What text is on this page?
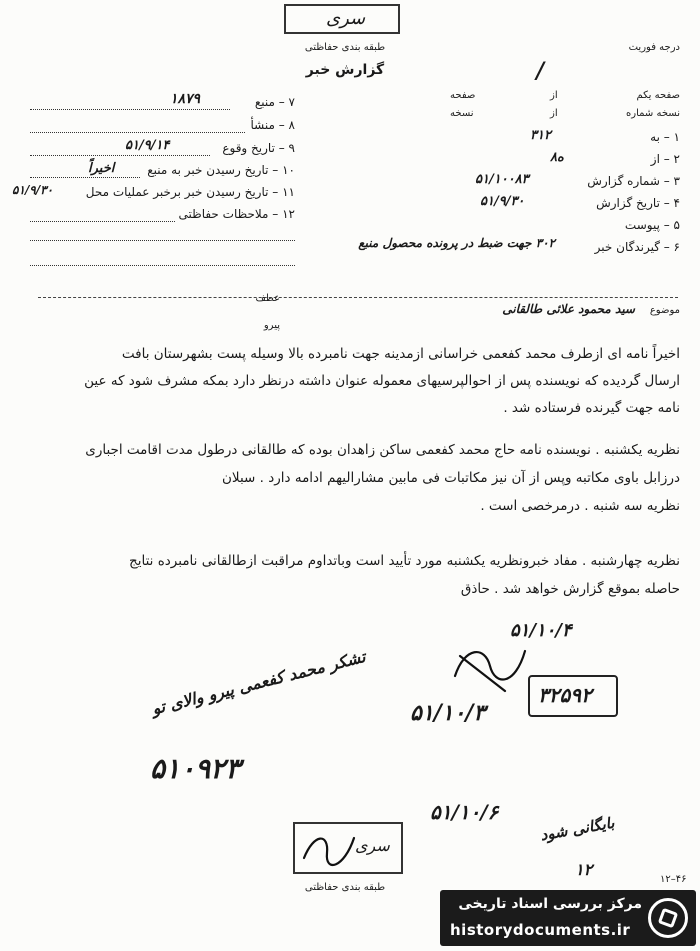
سری
طبقه بندی حفاظتی
گزارش خبر
درجه فوریت
/
۷ – منبع
۱۸۷۹
۸ – منشأ
۹ – تاریخ وقوع
۵۱/۹/۱۴
۱۰ – تاریخ رسیدن خبر به منبع
اخیراً
۱۱ – تاریخ رسیدن خبر برخبر عملیات محل
۵۱/۹/۳۰
۱۲ – ملاحظات حفاظتی
صفحه یکم
از
صفحه
نسخه شماره
از
نسخه
۱ – به
۳۱۲
۲ – از
۸ه
۳ – شماره گزارش
۵۱/۱۰۰۸۳
۴ – تاریخ گزارش
۵۱/۹/۳۰
۵ – پیوست
۶ – گیرندگان خبر
۳۰۲ جهت ضبط در پرونده محصول منبع
عطف
پیرو
موضوع
سید محمود علائی طالقانی
اخیراً نامه ای ازطرف محمد کفعمی خراسانی ازمدینه جهت نامبرده بالا وسیله پست بشهرستان بافت
ارسال گردیده که نویسنده پس از احوالپرسیهای معموله عنوان داشته درنظر دارد بمکه مشرف شود که عین
نامه جهت گیرنده فرستاده شد .
نظریه یکشنبه . نویسنده نامه حاج محمد کفعمی ساکن زاهدان بوده که طالقانی درطول مدت اقامت اجباری
درزابل باوی مکاتبه وپس از آن نیز مکاتبات فی مابین مشارالیهم ادامه دارد . سبلان
نظریه سه شنبه . درمرخصی است .
نظریه چهارشنبه . مفاد خبرونظریه یکشنبه مورد تأیید است وباتداوم مراقبت ازطالقانی نامبرده نتایج
حاصله بموقع گزارش خواهد شد . حاذق
۵۱/۱۰/۴
۳۲۵۹۲
تشکر محمد کفعمی پیرو والای تو ۵۱/۱۰/۳
۵۱۰۹۲۳
۵۱/۱۰/۶
بایگانی شود
۱۲
سری
طبقه بندی حفاظتی
۱۲–۴۶
مرکز بررسی اسناد تاریخی
historydocuments.ir
